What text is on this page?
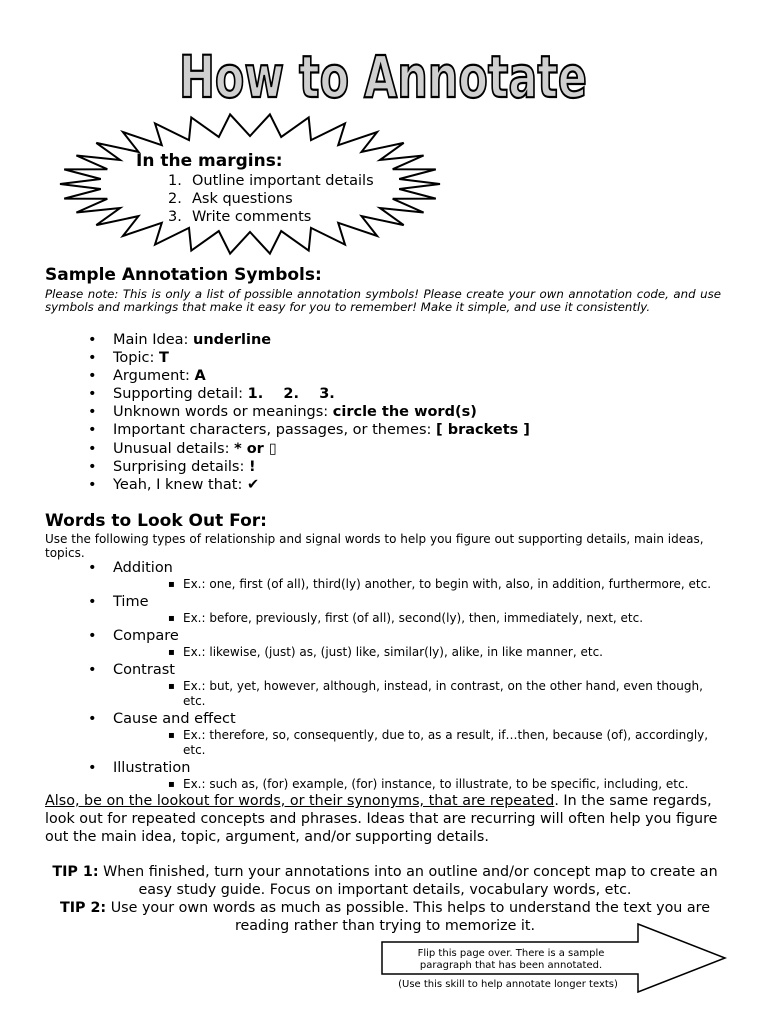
How to Annotate
In the margins:
1. Outline important details
2. Ask questions
3. Write comments
Sample Annotation Symbols:
Please note: This is only a list of possible annotation symbols! Please create your own annotation code, and use symbols and markings that make it easy for you to remember! Make it simple, and use it consistently.
• Main Idea: underline
• Topic: T
• Argument: A
• Supporting detail: 1.    2.    3.
• Unknown words or meanings: circle the word(s)
• Important characters, passages, or themes: [ brackets ]
• Unusual details: * or ▯
• Surprising details: !
• Yeah, I knew that: ✔
Words to Look Out For:
Use the following types of relationship and signal words to help you figure out supporting details, main ideas, topics.
• Addition
▪ Ex.: one, first (of all), third(ly) another, to begin with, also, in addition, furthermore, etc.
• Time
▪ Ex.: before, previously, first (of all), second(ly), then, immediately, next, etc.
• Compare
▪ Ex.: likewise, (just) as, (just) like, similar(ly), alike, in like manner, etc.
• Contrast
▪ Ex.: but, yet, however, although, instead, in contrast, on the other hand, even though, etc.
• Cause and effect
▪ Ex.: therefore, so, consequently, due to, as a result, if…then, because (of), accordingly, etc.
• Illustration
▪ Ex.: such as, (for) example, (for) instance, to illustrate, to be specific, including, etc.
Also, be on the lookout for words, or their synonyms, that are repeated. In the same regards, look out for repeated concepts and phrases. Ideas that are recurring will often help you figure out the main idea, topic, argument, and/or supporting details.
TIP 1: When finished, turn your annotations into an outline and/or concept map to create an easy study guide. Focus on important details, vocabulary words, etc.
TIP 2: Use your own words as much as possible. This helps to understand the text you are reading rather than trying to memorize it.
Flip this page over. There is a sample paragraph that has been annotated.
(Use this skill to help annotate longer texts)
